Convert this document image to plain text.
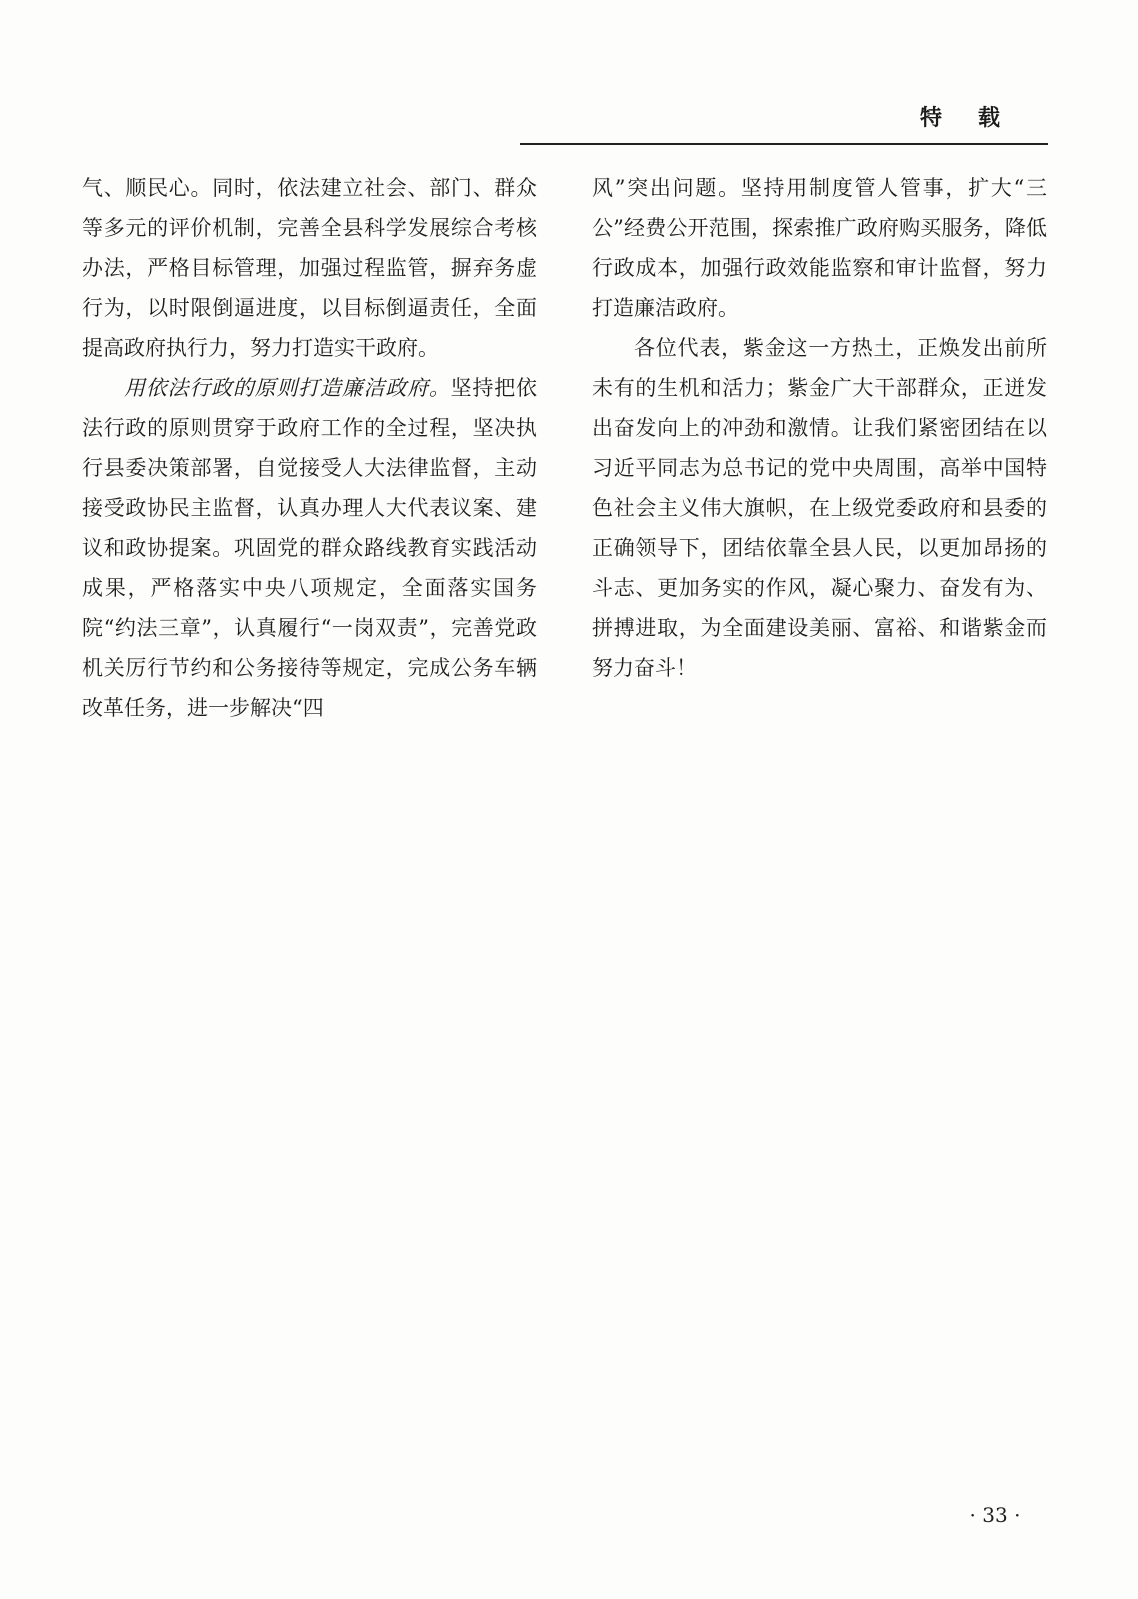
特载

气、顺民心。同时，依法建立社会、部门、群众等多元的评价机制，完善全县科学发展综合考核办法，严格目标管理，加强过程监管，摒弃务虚行为，以时限倒逼进度，以目标倒逼责任，全面提高政府执行力，努力打造实干政府。

用依法行政的原则打造廉洁政府。坚持把依法行政的原则贯穿于政府工作的全过程，坚决执行县委决策部署，自觉接受人大法律监督，主动接受政协民主监督，认真办理人大代表议案、建议和政协提案。巩固党的群众路线教育实践活动成果，严格落实中央八项规定，全面落实国务院“约法三章”，认真履行“一岗双责”，完善党政机关厉行节约和公务接待等规定，完成公务车辆改革任务，进一步解决“四

风”突出问题。坚持用制度管人管事，扩大“三公”经费公开范围，探索推广政府购买服务，降低行政成本，加强行政效能监察和审计监督，努力打造廉洁政府。

各位代表，紫金这一方热土，正焕发出前所未有的生机和活力；紫金广大干部群众，正迸发出奋发向上的冲劲和激情。让我们紧密团结在以习近平同志为总书记的党中央周围，高举中国特色社会主义伟大旗帜，在上级党委政府和县委的正确领导下，团结依靠全县人民，以更加昂扬的斗志、更加务实的作风，凝心聚力、奋发有为、拼搏进取，为全面建设美丽、富裕、和谐紫金而努力奋斗！

· 33 ·
